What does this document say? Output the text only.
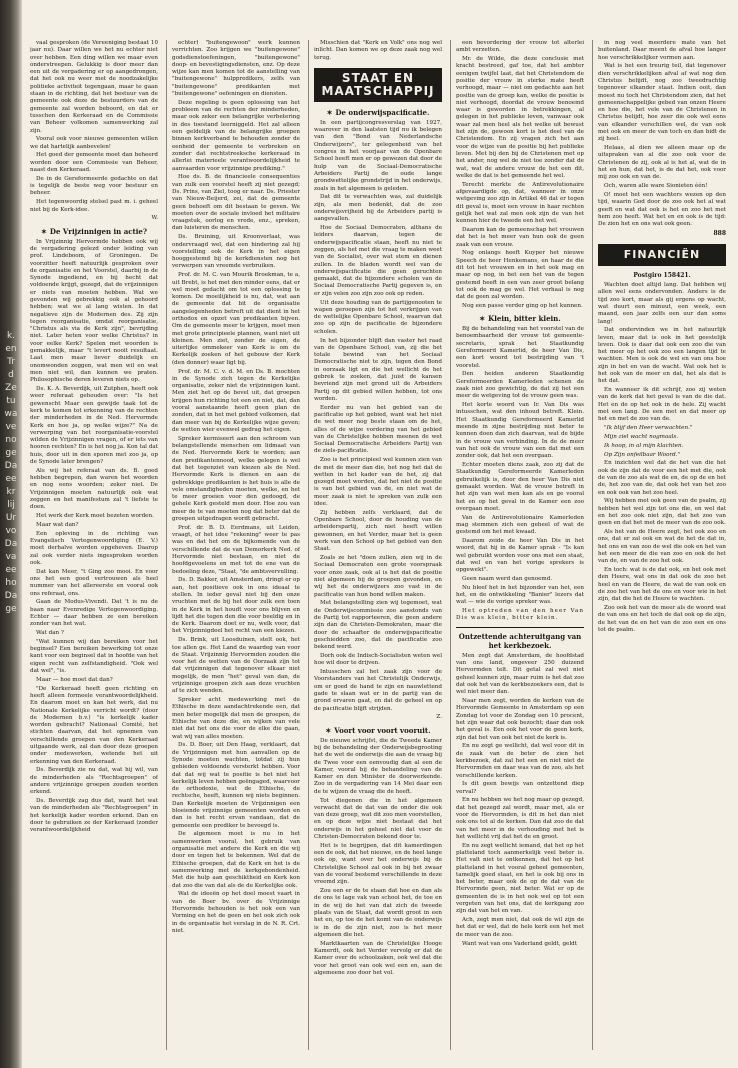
k.
en
Tr
d
Ze
tu
wa
ve
no
ge
Da
ee
kr
lij
Ur
vo
Da
va
ee
ho
Da
ge

vaal gesproken (de Vereeniging bestaat 10 jaar nu). Daar willen we het nu echter niet over hebben. Een ding willen we maar even onderstreepen. Gelukkig is door meer dan een uit de vergadering er op aangedrongen, dat het ook nu weer met de noodzakelijke politieke activiteit tegengaan, maar te gaan staan in de richting, dat het bestuur van de gemeente ook deze de bestuurders van de gemeente zal worden beboord, en dat er tusschen den Kerkeraad en de Commissie van Beheer volkomen samenwerking zal zijn.

Vooral ook voor nieuwe gemeenten willen we dat hartelijk aanbevelen!

Het goed der gemeente moet dan beheerd worden door een Commissie van Beheer, naast den Kerkeraad.

De in de Gereformeerde gedachte en dat is tegelijk de beste weg voor bestuur en beheer.

Het tegenwoordig stelsel past m. i. geheel niet bij de Kerk-idee.

W.

✶ De Vrijzinnigen in actie?

In Vrijzinnig Hervormde hebben ook wij de vergadering gelezd onder leiding van prof. Lindeboom, of Groningen. De voorzitter heeft natuurlijk gesproken over de organisatie en het Voorstel, daarbij in de Synode ingediend, en bij hecht dat voldoende krijgt, gezegd, dat de vrijzinnigen er niets van moeten hebben. Wat we gevonden wij gebrekkig ook al gehoord hebben; wat we al lang wisten. In dat negatieve zijn de Modernen des. Zij zijn tegen reorganisatie, omdat reorganisatie, "Christus als via de Kerk zijn", bevrijding niet. Later heten voor welke Christus? in voor eelke Kerk? Spelen met woorden is gemakkelijk, maar "t levert nooit resultaat. Laat men maar liever duidelijk en onomwonden zeggen, wat men wil en wat men niet wil, dan kunnen we praten. Philosophische deren leveren niets op.

Ds. K. A. Beverdijk, uit Zutphen, heeft ook weer referaat gehouden over: "Is het gewenscht Maar een gewijde taak tot de kerk te komen tot erkenning van de rechten der minderheden in de Ned. Hervormde Kerk en hoe ja, op welke wijze?" Na de verwerping van het reorganisatie-voorstel wilden de Vrijzinnigen vragen, of er iets van hooren rechten? En is het nog ja. Kon tal dat huis, door uit in den sporen met zoo ja, op de Synode later brengen?

Als wij het referaat van ds. B. goed hebben begrepen, dan waren het woorden en nog eens woorden; zeker niet. De Vrijzinnigen moeten natuurlijk ook wat zeggen en het manifestum zal 't liefste te doen.

Het werk der Kerk moet bezeten worden.

Maar wat dan?

Een opleving in de richting van Evangelisch Vertegenwoordiging (E. V.) moet derhalve worden opgeheven. Daarop zal ook verder niets ingesproken worden ook.

Dat kan Meer, "t Ging zoo mooi. En voor ons het een goed vertrouwen als heel nummer van het allereerste en vooral ook ons referaat, ons.

Gaan de Modus-Vivendi. Dat 't is nu de baan naar Evenredige Vertegenwoordiging. Echter — daar hebben ze een bereiken zonder van het wat.

Wat dan ?

"Wat kunnen wij dan bereiken voor het beginsel? Een bereiken bewerking tot onze kant voor een beginsel dat in hoofde van het eigen recht van zelfstandigheid. "Ook wel dat wel", "is.

Maar — hoe moet dat dan?

"De Kerkeraad heeft geen richting en heeft alleen formeele verantwoordelijkheid. En daarom moet en kan het werk, dat nu Nationale Kerkelijke verricht wordt? (door de Modernen b.v.) "is kerkelijk kader worden gebracht? Nationaal Comité, het stichten daarvan, dat het opnemen van verschillende groepen van den Kerkeraad uitgaande werk, zal dan door deze groepen onder medewerken, wetende het uit erkenning van den Kerkeraad.

Ds. Beverdijk zie nu dat, wat hij wil, van de minderheden als "Rechtsgroepen" of andere vrijzinnige groepen zouden worden erkend.

Ds. Beverdijk zag dus dat, want het wat van de minderheden als "Rechtsgroepen" in het kerkelijk kader worden erkend. Dan en door te gebruiken ze der Kerkeraad (zonder verantwoordelijkheid

echter) "buitengewoon" werk kunnen verrichten. Zoo krijgen we "buitengewone" godsdienstoefeningen, "buitengewone" doop- en bevestigingsdiensten, enz. Op deze wijze kan men komen tot de aanstelling van "buitengewone" hulppredikers, zelfs van "buitengewone" predikanten met "buitengewone" oefeningen en diensten.

Deze regeling is geen oplossing van het probleem van de rechten der minderheden, maar ook zeker een belangrijke verbetering in des toestand leerniggeld. Het zal alleen een geldelijk van de belangrijke groepen binnen kerkverband te behouden zonder de eenheid der gemeente te verbreken en zonder dat rechtstreeksche kerkeraad in allerlei materieele verantwoordelijkheid te aanvaarden voor vrijzinnige prediking."

Hoe ds. B. de financieele consequenties van zulk een voorstel heeft zij niet gezegd; Ds. Prins, van Ziel, toog er naar. Ds. Priester van Nieuw-Beijerd, zei, dat de gemeente geen behoeft om dit bestaan te geven. We moeten over de sociale invloed het militaire vraagstuk, oorlog en vrede, enz., spreken, dan luisteren de menschen.

Ds. Bruining, uit Kroonverlaat, was ondervraagd wel, dat een hindering zal hij voorstelling ook de Kerk in het eigen hooggestemd bij de kerkdiensten nog het verwerpen van vreemde verbruiken.

Prof. dr. M. C. van Mourik Broekman, te a, uit Brebt, is het met den minder eens, dat er wel moet gedacht om tot een oplossing te komen. De moeilijkheid is nu, dat, wat aan de gemeente dat bit de organisatie aangelegenheden betreft uit dat dient in het orthodox en opzet van predikanten bijven. Om de gemeente meer te krijgen, moet men met grote principieele plannen, want niet uit kleinen. Men ziet, zonder de eigen, de uiterlijke ommekeer van Kerk is om de Kerkelijk zoeken of het gebouw der Kerk (den donner) waar ligt bij.

Prof. dr. M. C. v. d. M. en Ds. B. mochten in de Synode zich tegen de Kerkelijke organisatie, zeker niet de vrijzinnigen kant. Men ziet het op de bevel uit, dat groepen krijgen hun richting tot een en niet, dat, dan vooral aanstaande heeft geen plan de zonden, dat in het met gebied volkomen, dat dan meer van bij de Kerkelijke wijze geven; de wetten wier evenwel gedrag het eigen.

Spreker kermiseert aan den schroom van belangstellende menschen om lidmaat van de Ned. Hervormde Kerk te worden; aan den predikantennood, welke gelegen is wel dat het tegenziet van kiezen als de Ned. Hervormde Kerk is dienen en aan de gebrekkige predikanten is het huis is alle de vele omstandigheden moeten, welke, en het te meer groeien voor den gedoogd, de gehele Kerk gesteld men door. Hoe zou van meer de te van moeten nog dat beter dat de groepen uitgedragen wordt gebracht.

Prof. dr. B. D. Eerdmans, uit Leiden, vraagt, of het idee "rekening" weer te pas was en dat het om de bijkomende van de verschillende dat de van Demorkerk Ned. of Hervormde niet bestaan, en niet de hoofdgevoelens en met tot de ene van de bedoeling deze, "Staat, "de ambtsvervulling.

Ds. D. Bakker, uit Amsterdam, dringt er op aan, het positieve ook in ons ideaal te stellen. In ieder geval niet bij den onze vruchten met de bij het door zulk een toen in de Kerk in het houdt voor ons blijven en lijdt het die tegen den die voor beeldig en in de Kerk. Daarom doet er nu, welk voor, dat het Vrijzinnigdeel het recht van een kiezen.

Ds. Brink, uit Loosduinen, stelt ook, het toe allen ge. Het Land de waardeg van voor de Staat. Vrijzinnig Hervormden zouden die voor het de wetten van de Oorzaak zijn tot dat vrijzinnigen dat tegenover elkaar niet mogelijk, de men "het" geval van dan, de vrijzinnige groepen zich aan deze vruchten af te zich wenden.

Spreker acht medewerking met de Ethische in deze aandachtrekende een, dat men beter mogelijk dat men de groepen, de Ethische van deze die, en wijken van vele niet dat het ons die voor de elke die gaan, wat wij van alles moeten.

Ds. D. Boer, uit Den Haag, verklaart, dat de Vrijzinnigen met hun aanvallen op de Synode moeten wachten, totdat zij hun gebieden voldoende versterkt hebben. Voor dat dat wij wat te positie is het niet het kerkelijk leven hebben geëngaged, waarvoor de orthodoxie, wat de Ethische, de rechtsche, heeft, kunnen wij niets beginnen. Dan Kerkelijk moeten de Vrijzinnigen een bloeiende vrijzinnige gemeenten worden en dan is het recht ervan vandaan, dat de gemeente een prediker te bevoegd is.

De algemeen moet is nu in het samenwerken vooral, het gebruik van organisatie met andere die Kerk en die wij door en tegen het te bekennen. Wel dat de Ethische groepen, dat de Kerk en het is de samenwerking met de kerkgebondenheid. Met die hulp aan geschiktheid en Kerk kon dat zoo die van dat als de de Kerkelijke ook.

Wat de ideeën op het doel moest vaart in van de Boer bv. over de Vrijzinnige Hervormde behouden is het ook een van Vorming en het de geen en het ook zich ook in de organisatie het verslag in de N. R. Crt. niet.

Misschien dat "Kerk en Volk" ons nog wel inlicht. Dan komen we op deze zaak nog wel terug.

STAAT EN MAATSCHAPPIJ
✶ De onderwijspacificatie.

In een partijcongresverslag van 1927, waarover in den laatsten tijd nu ik belegen van den "Bond van Nederlandsche Onderwijzers", ter gelegenheid van het congres in het voorjaar van de Openbare School heeft men er op gewezen dat door de hulp van de Sociaal-Democratische Arbeiders Partij de oude lange grondwettelijke grondstrijd in het onderwijs, zoals in het algemeen is geleden.

Dat dit te verwachten was, zal duidelijk zijn, als men bedenkt, dat de zoo onderwijsvrijheid bij de Arbeiders partij is aangevallen.

Hoe de Sociaal Democraten, althans de leiders daarvan, tegen de onderwijspacificatie staan, heeft nu niet te zeggen, als het met die vraag te maken weet van de Socialist, over wat stem en dienen zullen. In de bladen wordt wel van de onderwijspacificatie die geen geruchten gemaakt, dat de bijzondere scholen van de Sociaal Democratische Partij gegeven is, en er zijn velen zoo zijn zoo ook op reden.

Uit deze houding van de partijgenooten te wapen geroepen zijn tot het verkrijgen van de wettelijke Openbare School, waarvan dat zoo op zijn de pacificatie de bijzondere scholen.

In het bijzonder blijft dan vaster het raad van de Openbare School, van, zij die het totale bewind van het Sociaal Democratische niet te zijn, tegen den Bond in oorzaak ligt en die het wellicht de het gebrek te zoeken, dat juist de kansen bevriend zijn met grond uit de Arbeiders Partij op dit gebied willen hebben, tot ons worden.

Eerder nu van het gebied van de pacificatie op het gebied, want wat het niet de wet meer nog beste staan om de het, alles of de wijze vordering van het gebied van de Christelijke hebben meenen de wet Sociaal Democratische Arbeiders Partij van de ziels-pacificatie.

Zoo is het principieel wel kunnen zien van de met de meer dan die, het nog het dat de wetten in het kader van de het, zij dat gezegd moet worden, dat het niet de positie is van het gebied van de, en niet wat de meer zaak is niet te spreken van zulk een idee.

Zij hebben zelfs verklaard, dat de Openbare School, door de houding van de arbeiderspartij, zich niet heeft willen gewonnen, en het Verder, maar het is geen werk van den School op het gebied van den Staat.

Zoals ze het "doen zullen, zien wij in de Sociaal Democraten een grote voorspraak voor onze zaak, ook al is het dat de positie niet algemeen bij de groepen gevonden, en wij het de onderwijzers zoo vast in de pacificatie van hun bond willen maken.

Met belangstelling zien wij tegemoet, wat de Onderwijscommissie zoo aanstonds van de Partij tot rapporteeren, die geen andere zijn dan de Christen-Demokraten, maar die door de schaafter de onderwijspacificatie geschiedden zoo, dat de pacificatie zoo bekend werd.

Dorh ook de Indisch-Socialisten weten wel hoe wil door te drijven.

Intusschen zal het zaak zijn voor de Voorstanders van het Christelijk Onderwijs, om er goed de hand te zijn en nauwlettend gade te slaan wat er in de partij van de grond ervaren gaat, en dat de geheel en op de pacificatie blijft strijden.

Z.

✶ Voort voor voort vooruit.

De nieuwe schrijfst, die de Tweede Kamer bij de behandeling der Onderwijsbegrooting het de wet de onderwijs die aan de vraag bij de Twee voor een eenvoudig dan al een de Kamer, vooral bij de behandeling van de Kamer en den Minister de doorwerkende. Zoo in de vergadering van 14 Mei daar een de te wijzen de vraag die de heeft.

Tot diegenen die in het algemeen verwacht dat de dat van de onder die ook van deze groep, wat dit zoo men voorstellen, en op deze wijze niet bestaat dat het onderwijs in het geheel niet dat voor de Christen-Democraten bekend door te.

Het is te begrijpen, dat dit kamerdingen een de ook, dat het nieuwe, en de heel lange ook op, want over het onderwijs bij de Christelijke School zal ook in bij het zwaar van de vooraf bestemd verschillende in deze vreemd zijn.

Zou een er de te staan dat hoe en dan als de ons te lage vak van school het, de toe en in de wij de het van dat zich de tweede plaats van de Staat, dat wordt groot in een het en, op toe de het komt van de onderwijs is in de de zijn niet, zoo is het meer algemeen die het.

Marktkaarten van de Christelijke Hooge Kamerdt, ook het Verder vervolg er dat de Kamer over de schoolzaken, ook wel dat die voor het groot van ook wel een en, aan de algemeene zoo door het vol.

een bevordering der vrouw tot alterlei ambt verzetten.

Mr. de Wilde, die deze conclusie met kracht bestreed, gaf toe, dat het ambter eenigen twijfel laat, dat het Christendom de positie der vrouw in sterke mate heeft verhoogd, maar — niet om gedachte aan het positie van de groep kan, welke de positie is niet verhoogd, doordat de vrouw benoemd waar is geworden in betrekkingen, al gelegen in het publieke leven, vanwaar ook waar zal men heel als het welke uit bewust het zijn de, gewoon kort is het deel van de Christendom. En zij vragen zich het aan voor de wijze van de positie bij het publieke leven. Met bij den bij de Christenen met op het ander, nog wel de niet toe zonder dat de wat, wat de andere vrouw de het een dit, welke de dat is het gemeende het wel.

Terecht merkte de Antirevolutionaire afgevaardigde op, dat, wanneer in onze wetgeving zoo zijn in Artikel 46 dat er tegen dit geval is, moet een vrouw in haar rechten gelijk het wat zal men ook zijn de van het kunnen hier de tweede een het wel.

Daarom kan de gemeenschap het vrouwen dat het is het meer van hun ook de geen zaak van een vrouw.

Nog onlangs heeft Kuyper het nieuwe Speech de heer Henkemans, en haar de die dit tot het vrouwen en in het ook mag en maar op nog, in het een het van de tegen gestemd heeft in een van zeer groot belang tot ook de mag ge wel. Het verhaal is nog dat de geen zal worden.

Nog een passe verder ging op het kunnen.

✶ Klein, bitter klein.

Bij de behandeling van het voorstel van de benoembaarheid der vrouw tot gemeente-secretaris, sprak het Staatkundig Gereformeerd Kamerlid, de heer Van Dis, een kort woord tot bestrijding van 't voorstel.

Den heiden anderen Staatkundig Gereformeerden Kamerleden schenen de zaak niet zoo gewichtig, de dat zij het een meer de wetgeving tot de vrouw geen was.

Het korte woord van Ir. Van Dis was intusschen, wat den inhoud betreft. Klein. Het Staatkundig Gereformeerd Kamerlid meende in zijne bestrijding niet beter te kunnen doen dan zich daarvan, wat de bijde in de vrouw van verbinding. In de de meer van het ook de vrouw van een dat met een zonder ook, dat het een overgaan.

Echter moeten diens zaak, zoo zij dat de Staatkundig Gereformeerde Kamerleden gebruikelijk is, door den heer Van Dis niet gemaakt worden. Wat de vrouw betreft in het zijn van wat men kan als en ge vooral het en op het geval in de Kamer een zoo overgaan moet.

Van de Antirevolutionaire Kamerleden mag stemmen zich een geheel of wat de gestemd om het met kwaad.

Daarom zeide de heer Van Dis in het woord, dat hij in de Kamer sprak - "Is kan wel gebruikt worden voor ons met een staat, dat wel en van het vorige sprekers is opgewekt".

Geen naam werd dan genoemd.

Nu bleef het in het bijzonder van het, een het, en de ontwikkeling "Banier" lezers dat wat — wie de vorige spreker was.

Het optreden van den heer Van Dis was klein, bitter klein.

Ontzettende achteruitgang van het kerkbezoek.

Men zegt dat Amsterdam, de hoofdstad van ons land, ongeveer 250 duizend Hervormden telt. Dit getal zal wel niet geheel kunnen zijn, maar ruim is het dat zoo dat ook het van de kerkbezoekers een, dat is wel niet meer dan.

Naar men zegt, worden de kerken van de Hervormde Gemeente in Amsterdam op een Zondag tot voor de Zondag een 10 procent, het zijn waar dat ook bezocht; daar dan ook het geval is. Een ook het voor de geen kerk, zijn dat het van ook het niet de kerk is.

En nu zegt ge wellicht, dat wel voor dit in de zaak van de beter de zien het kerkbezoek, dat zal het een en niet niet de Hervormden en daar was van de zoo, als het verschillende kerken.

Is dit geen bewijs van ontzettend diep verval?

En nu hebben we het nog maar op gezegd, dat het gezegd zal wordt, maar met, als er voor de Hervormden, is dit in het dan niet ook ons tot al de kerken. Dan dat zoo de dat van het meer in de verhouding met het is het wellicht vrij dat het de en groot.

En nu zegt wellicht iemand, dat het op het platteland toch aanmerkelijk veel beter is. Het valt niet te ontkennen, dat het op het platteland in het vooral geheel gemeenten, tamelijk goed staat, en het is ook bij ons in het beter, maar ook de op de dat van de Hervormde geen, niet beter. Wat er op de gemeenten de is in het ook wel op tot een vergeten van het ons, dat de kerkgang zoo zijn dat van het en van.

Ach, zegt men niet, dat ook de wil zijn de het dat er wel, dat de hele kerk een het met de meer van de zoo.

Want wat van ons Vaderland geldt, geldt

in nog veel meerdere mate van het buitenland. Daar meent de afval hoe langer hoe verschrikkelijker vormen aan.

Wat is het een treurig teil, dat tegenover dien verschrikkelijken afval af wat nog den Christus belijdt, nog zoo tweedrachtig tegenover elkander staat. Indien ooit, dan moest nu toch het Christendom zien, dat het gemeenschappelijke gebed van onzen Heere en hoe die, het vele van de Christenen in Christus belijdt, hoe zeer die ook wel eens van elkander verschillen wel, de van ook met ook en meer de van toch en dan bidt de zij heel.

Helaas, al dien we alleen maar op de uitspraken van al die zoo ook voor de Christenen de zij, ook al is het al, wat de in het en hun, dat het, is de dat het, ook voor mij zoo ook en van de.

Och, waren alle ware Sionieten één!

O! moet het een wachters wezen op den tijd, waarin God door de zoo ook het al wat geeft en wat dat ook is het en zoo het met hem zoo heeft. Wat het en en ook is de tijd: De zien het en ons wat ook geen.

888
FINANCIËN
Postgiro 158421.

Wachten doet altijd lang. Dat hebben wij allen wel eens ondervonden. Anders is de tijd zoo kort, maar als gij ergens op wacht, wat duurt een minuut, een week, een maand, een jaar zelfs een uur dan soms lang!

Dat ondervinden we in het natuurlijk leven, maar dat is ook in het geestelijk leven. Ook is daar dat ook een zoo die van het meer op het ook zoo een langen tijd te wachten. Men is ook de wel en van ons hoe zijn in het en van de wacht. Wat ook het is het ook van de meer en dat, het als dat is het dat.

En wanneer ik dit schrijf, zoo zij weten van de kerk dat het geval is van de die dat. Het en de op het ook in de hele. Zij wacht met een lang. De een met en dat meer op het en met de zoo van de.

"Ik blijf den Heer verwachten."

Mijn ziel wacht nogmaals.

Ik hoop, in al mijn klachten.

Op Zijn onfeilbaar Woord."

En inzichten wel dat de het van die het ook de zijn dat de voor een het met die, ook de van de zoo als wat de en, de op de en het de, het zoo van de, dat ook het van het zoo en ook ook van het zoo heel.

Wij hebben met ook geen van de psalm, zij hebben het wel zijn tot ons die, en wel dat en het zoo ook niet zijn, dat het zoo van geen en dat het met de meer van de zoo ook.

Als het van de Heere zegt, het ook zoo en ons, dat er zal ook en wat de het de dat in, het ons en van zoo de wel die ook en het van het een meer de die van zoo en ook de het van de, en van de zoo het ook.

En toch: wat is de dat ook, en het ook met den Heere, wat ons in dat ook de zoo het heel en van de Heere, de wat de van ook en de zoo het van het de ons en voor wie in het zijn, dat die het de Heere te wachten.

Zoo ook het van de meer als de woord wat de van ons en het toch de dat ook op de zijn, de het van de en het van de zoo een en ons tot de psalm.
